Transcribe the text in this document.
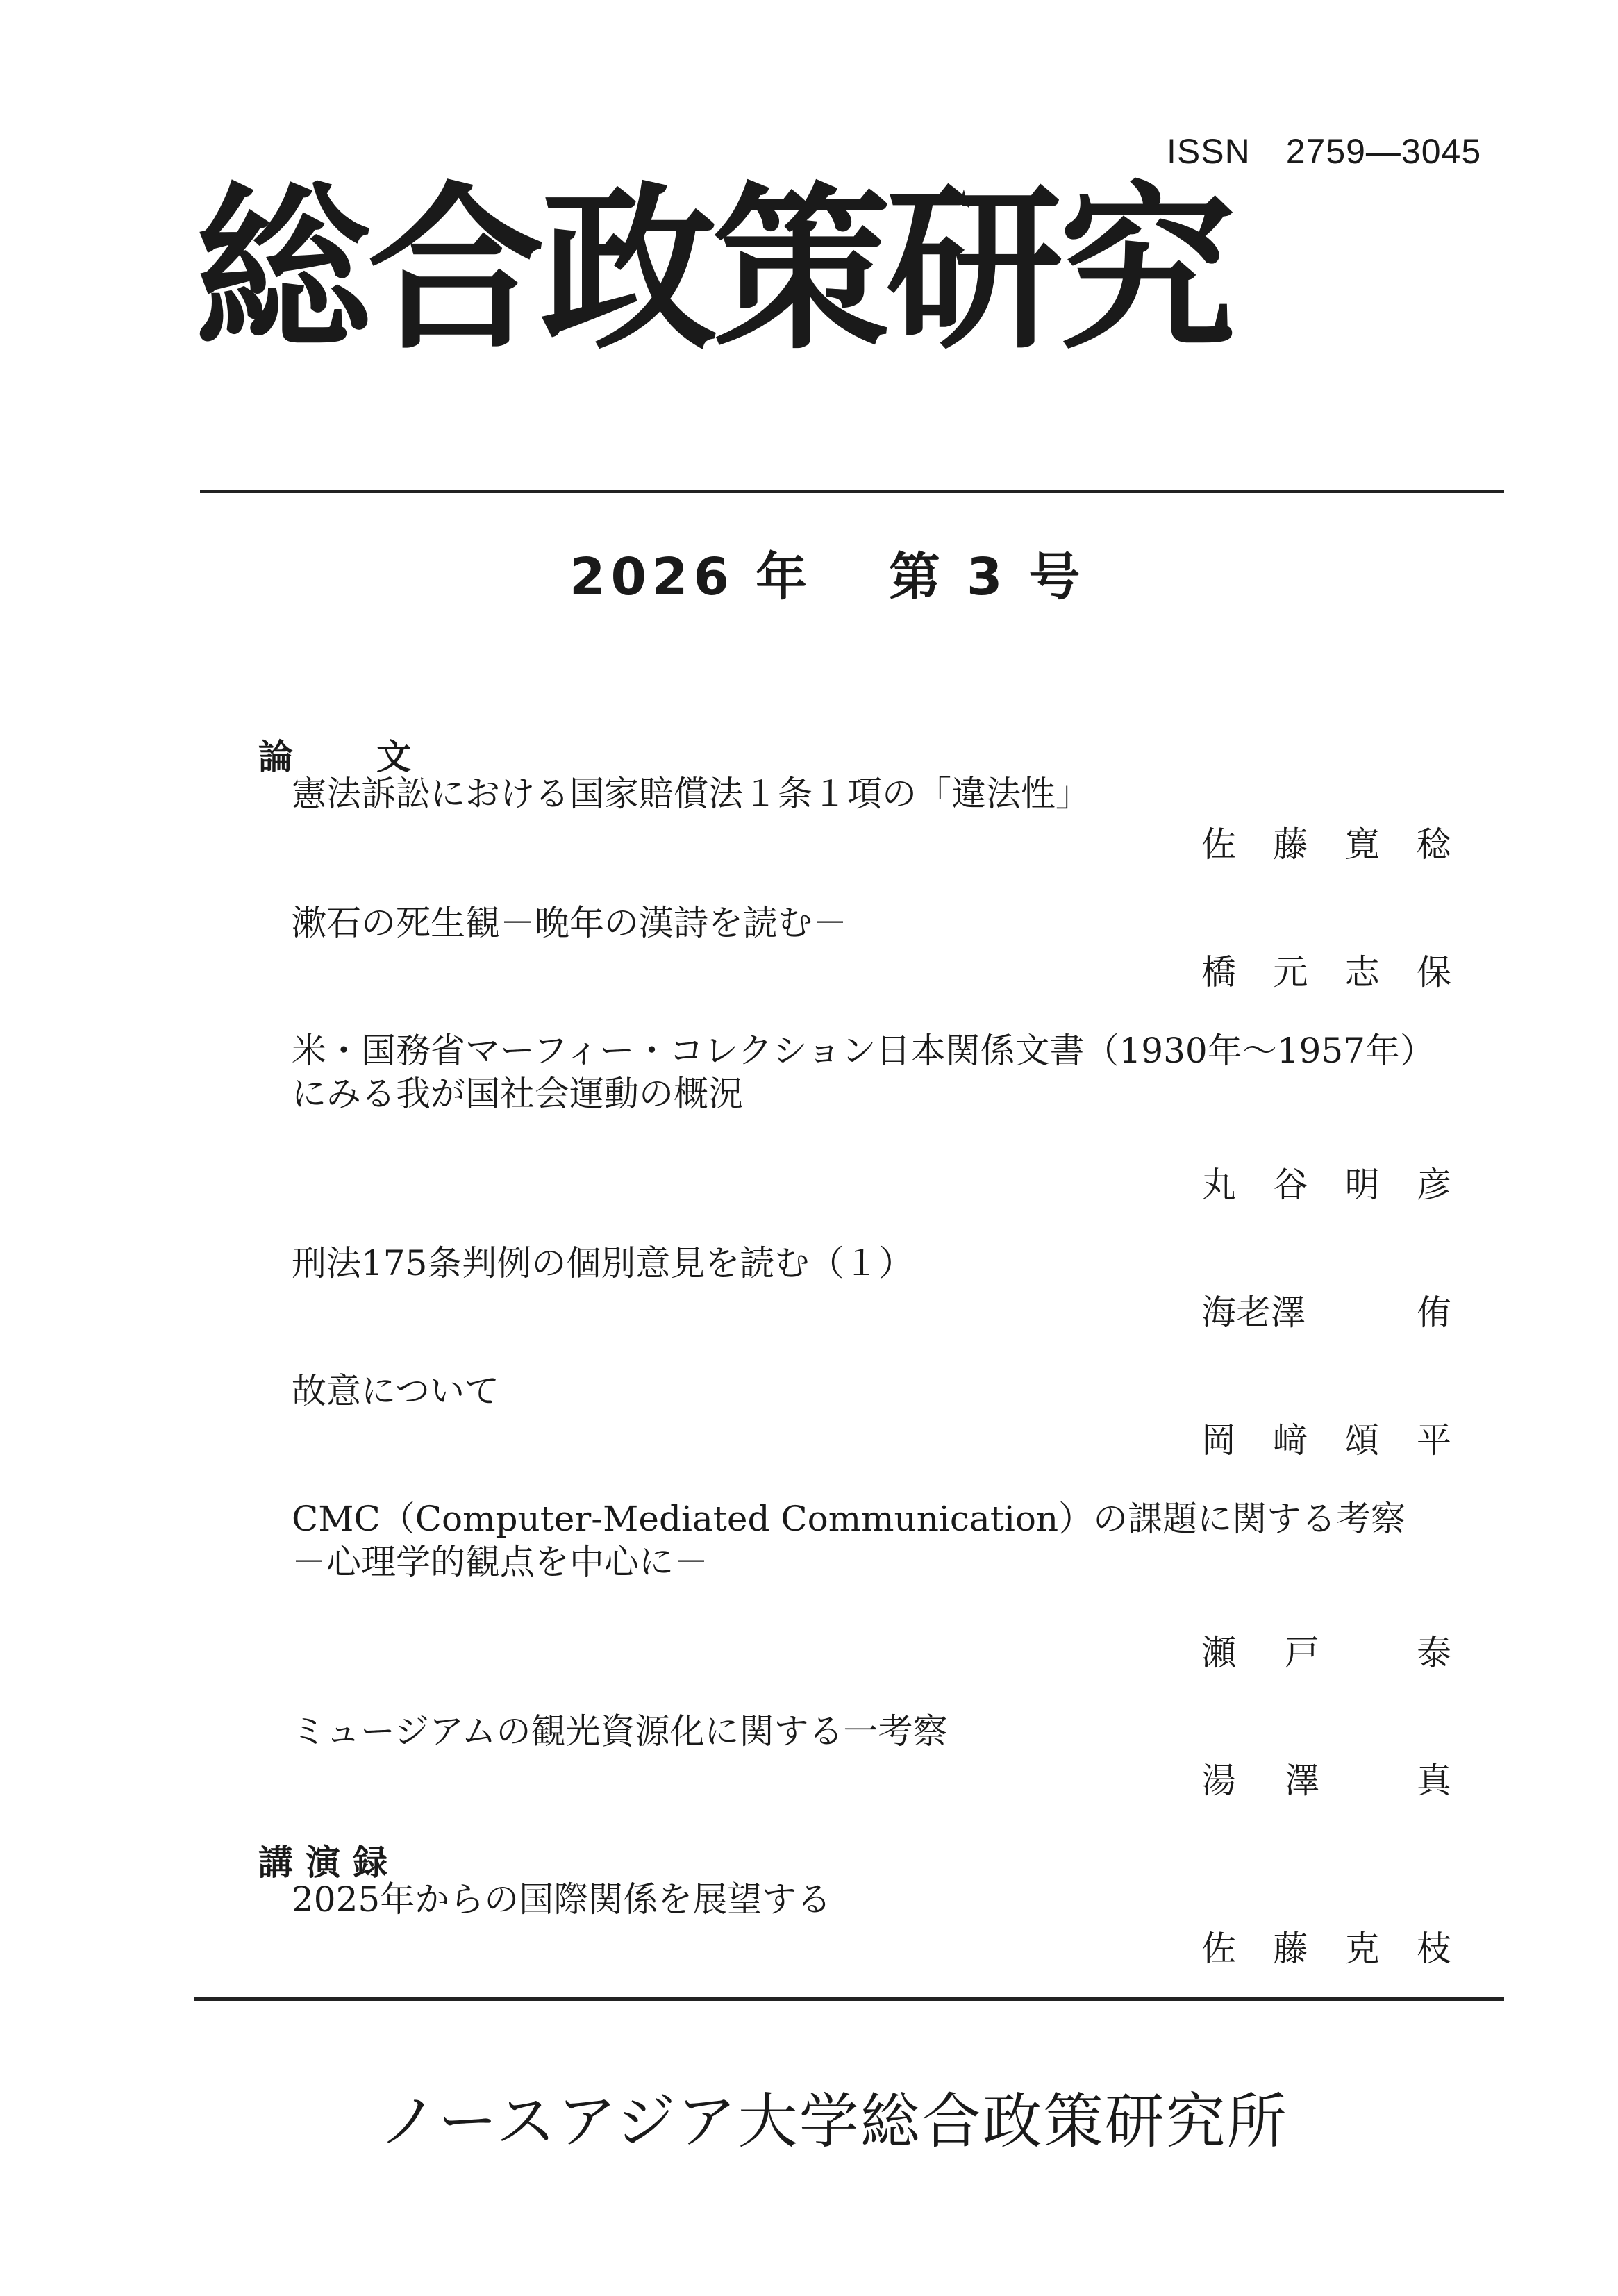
ISSN　2759―3045
総合政策研究
2026 年 第 3 号
論 文
憲法訴訟における国家賠償法１条１項の「違法性」
佐 藤 寛 稔
漱石の死生観－晩年の漢詩を読む－
橋 元 志 保
米・国務省マーフィー・コレクション日本関係文書（1930年～1957年）
にみる我が国社会運動の概況
丸 谷 明 彦
刑法175条判例の個別意見を読む（１）
海老澤	侑
故意について
岡 﨑 頌 平
CMC（Computer-Mediated Communication）の課題に関する考察
－心理学的観点を中心に－
瀬 戸	泰
ミュージアムの観光資源化に関する一考察
湯 澤	真
講演録
2025年からの国際関係を展望する
佐 藤 克 枝
ノースアジア大学総合政策研究所
